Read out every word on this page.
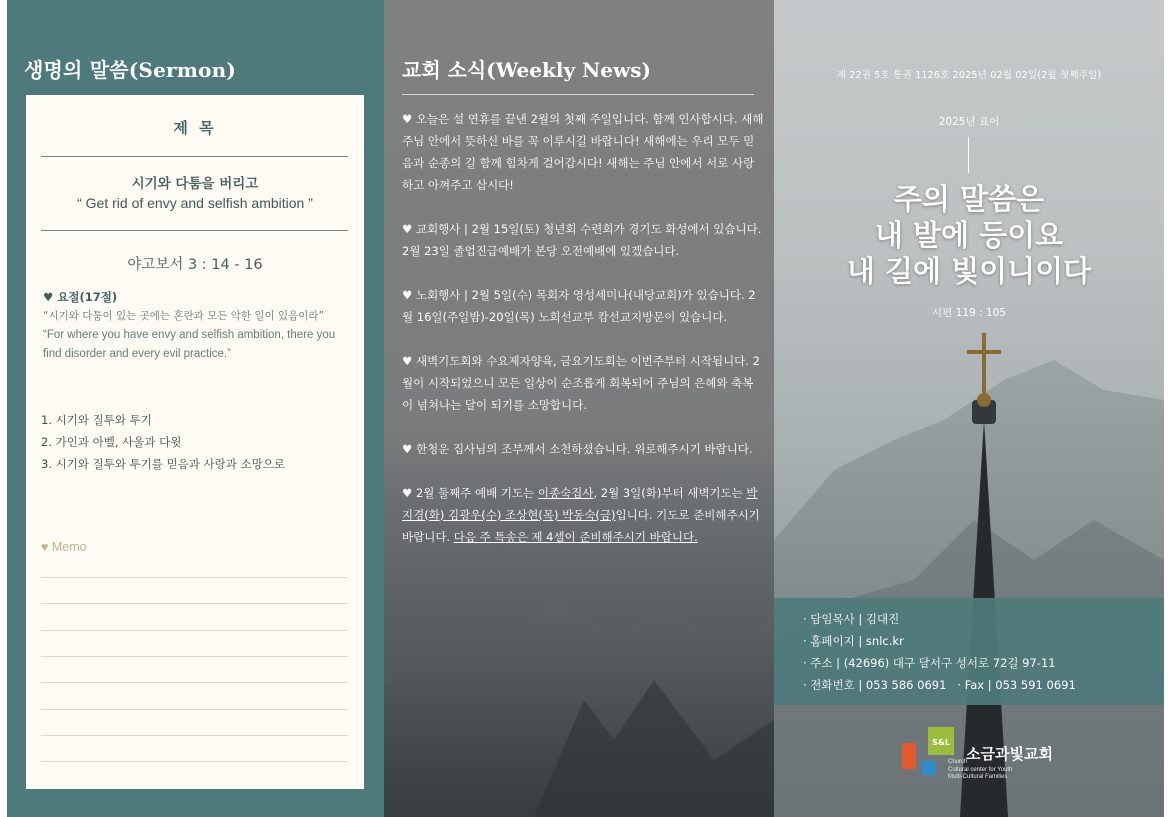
생명의 말씀(Sermon)
제 목
시기와 다툼을 버리고
“ Get rid of envy and selfish ambition ”
야고보서 3 : 14 - 16
♥ 요절(17절)
“시기와 다툼이 있는 곳에는 혼란과 모든 악한 일이 있음이라”
“For where you have envy and selfish ambition, there you find disorder and every evil practice.”
1. 시기와 질투와 투기
2. 가인과 아벨, 사울과 다윗
3. 시기와 질투와 투기를 믿음과 사랑과 소망으로
♥ Memo
교회 소식(Weekly News)
♥ 오늘은 설 연휴를 끝낸 2월의 첫째 주일입니다. 함께 인사합시다. 새해 주님 안에서 뜻하신 바를 꼭 이루시길 바랍니다! 새해에는 우리 모두 믿음과 순종의 길 함께 힘차게 걸어갑시다! 새해는 주님 안에서 서로 사랑하고 아껴주고 삽시다!
♥ 교회행사 | 2월 15일(토) 청년회 수련회가 경기도 화성에서 있습니다. 2월 23일 졸업진급예배가 본당 오전예배에 있겠습니다.
♥ 노회행사 | 2월 5일(수) 목회자 영성세미나(내당교회)가 있습니다. 2월 16일(주일밤)-20일(목) 노회선교부 캄선교지방문이 있습니다.
♥ 새벽기도회와 수요제자양육, 금요기도회는 이번주부터 시작됩니다. 2월이 시작되었으니 모든 일상이 순조롭게 회복되어 주님의 은혜와 축복이 넘쳐나는 달이 되기를 소망합니다.
♥ 한청운 집사님의 조부께서 소천하셨습니다. 위로해주시기 바랍니다.
♥ 2월 둘째주 예배 기도는 이종숙집사, 2월 3일(화)부터 새벽기도는 박지경(화) 김광우(수) 조상현(목) 박동숙(금)입니다. 기도로 준비해주시기 바랍니다. 다음 주 특송은 제 4셀이 준비해주시기 바랍니다.
제 22권 5호 통권 1126호 2025년 02월 02일(2월 첫째주일)
2025년 표어
주의 말씀은
내 발에 등이요
내 길에 빛이니이다
시편 119 : 105
· 담임목사 | 김대진
· 홈페이지 | snlc.kr
· 주소 | (42696) 대구 달서구 성서로 72길 97-11
· 전화번호 | 053 586 0691 · Fax | 053 591 0691
S&L
소금과빛교회
Church
Cultural center for Youth
Multi-Cultural Families
